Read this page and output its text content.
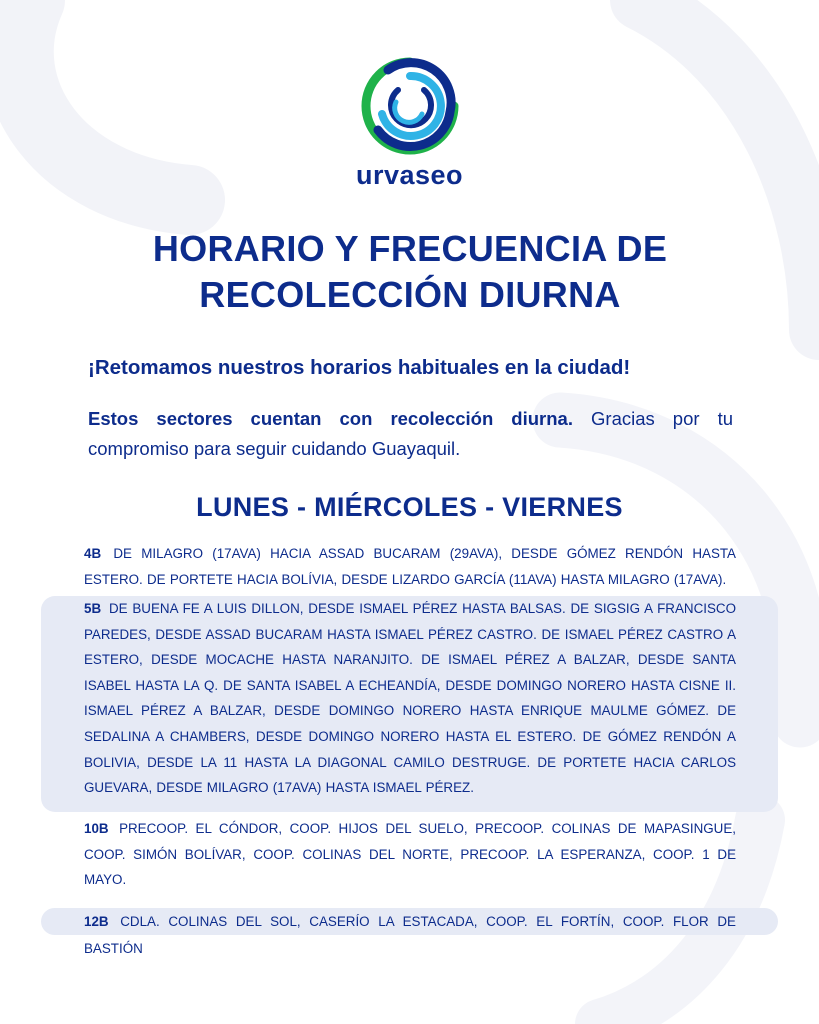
urvaseo
HORARIO Y FRECUENCIA DE
RECOLECCIÓN DIURNA
¡Retomamos nuestros horarios habituales en la ciudad!
Estos sectores cuentan con recolección diurna. Gracias por tu compromiso para seguir cuidando Guayaquil.
LUNES - MIÉRCOLES - VIERNES
4B DE MILAGRO (17AVA) HACIA ASSAD BUCARAM (29AVA), DESDE GÓMEZ RENDÓN HASTA ESTERO. DE PORTETE HACIA BOLÍVIA, DESDE LIZARDO GARCÍA (11AVA) HASTA MILAGRO (17AVA).
5B DE BUENA FE A LUIS DILLON, DESDE ISMAEL PÉREZ HASTA BALSAS. DE SIGSIG A FRANCISCO PAREDES, DESDE ASSAD BUCARAM HASTA ISMAEL PÉREZ CASTRO. DE ISMAEL PÉREZ CASTRO A ESTERO, DESDE MOCACHE HASTA NARANJITO. DE ISMAEL PÉREZ A BALZAR, DESDE SANTA ISABEL HASTA LA Q. DE SANTA ISABEL A ECHEANDÍA, DESDE DOMINGO NORERO HASTA CISNE II. ISMAEL PÉREZ A BALZAR, DESDE DOMINGO NORERO HASTA ENRIQUE MAULME GÓMEZ. DE SEDALINA A CHAMBERS, DESDE DOMINGO NORERO HASTA EL ESTERO. DE GÓMEZ RENDÓN A BOLIVIA, DESDE LA 11 HASTA LA DIAGONAL CAMILO DESTRUGE. DE PORTETE HACIA CARLOS GUEVARA, DESDE MILAGRO (17AVA) HASTA ISMAEL PÉREZ.
10B PRECOOP. EL CÓNDOR, COOP. HIJOS DEL SUELO, PRECOOP. COLINAS DE MAPASINGUE, COOP. SIMÓN BOLÍVAR, COOP. COLINAS DEL NORTE, PRECOOP. LA ESPERANZA, COOP. 1 DE MAYO.
12B CDLA. COLINAS DEL SOL, CASERÍO LA ESTACADA, COOP. EL FORTÍN, COOP. FLOR DE BASTIÓN
